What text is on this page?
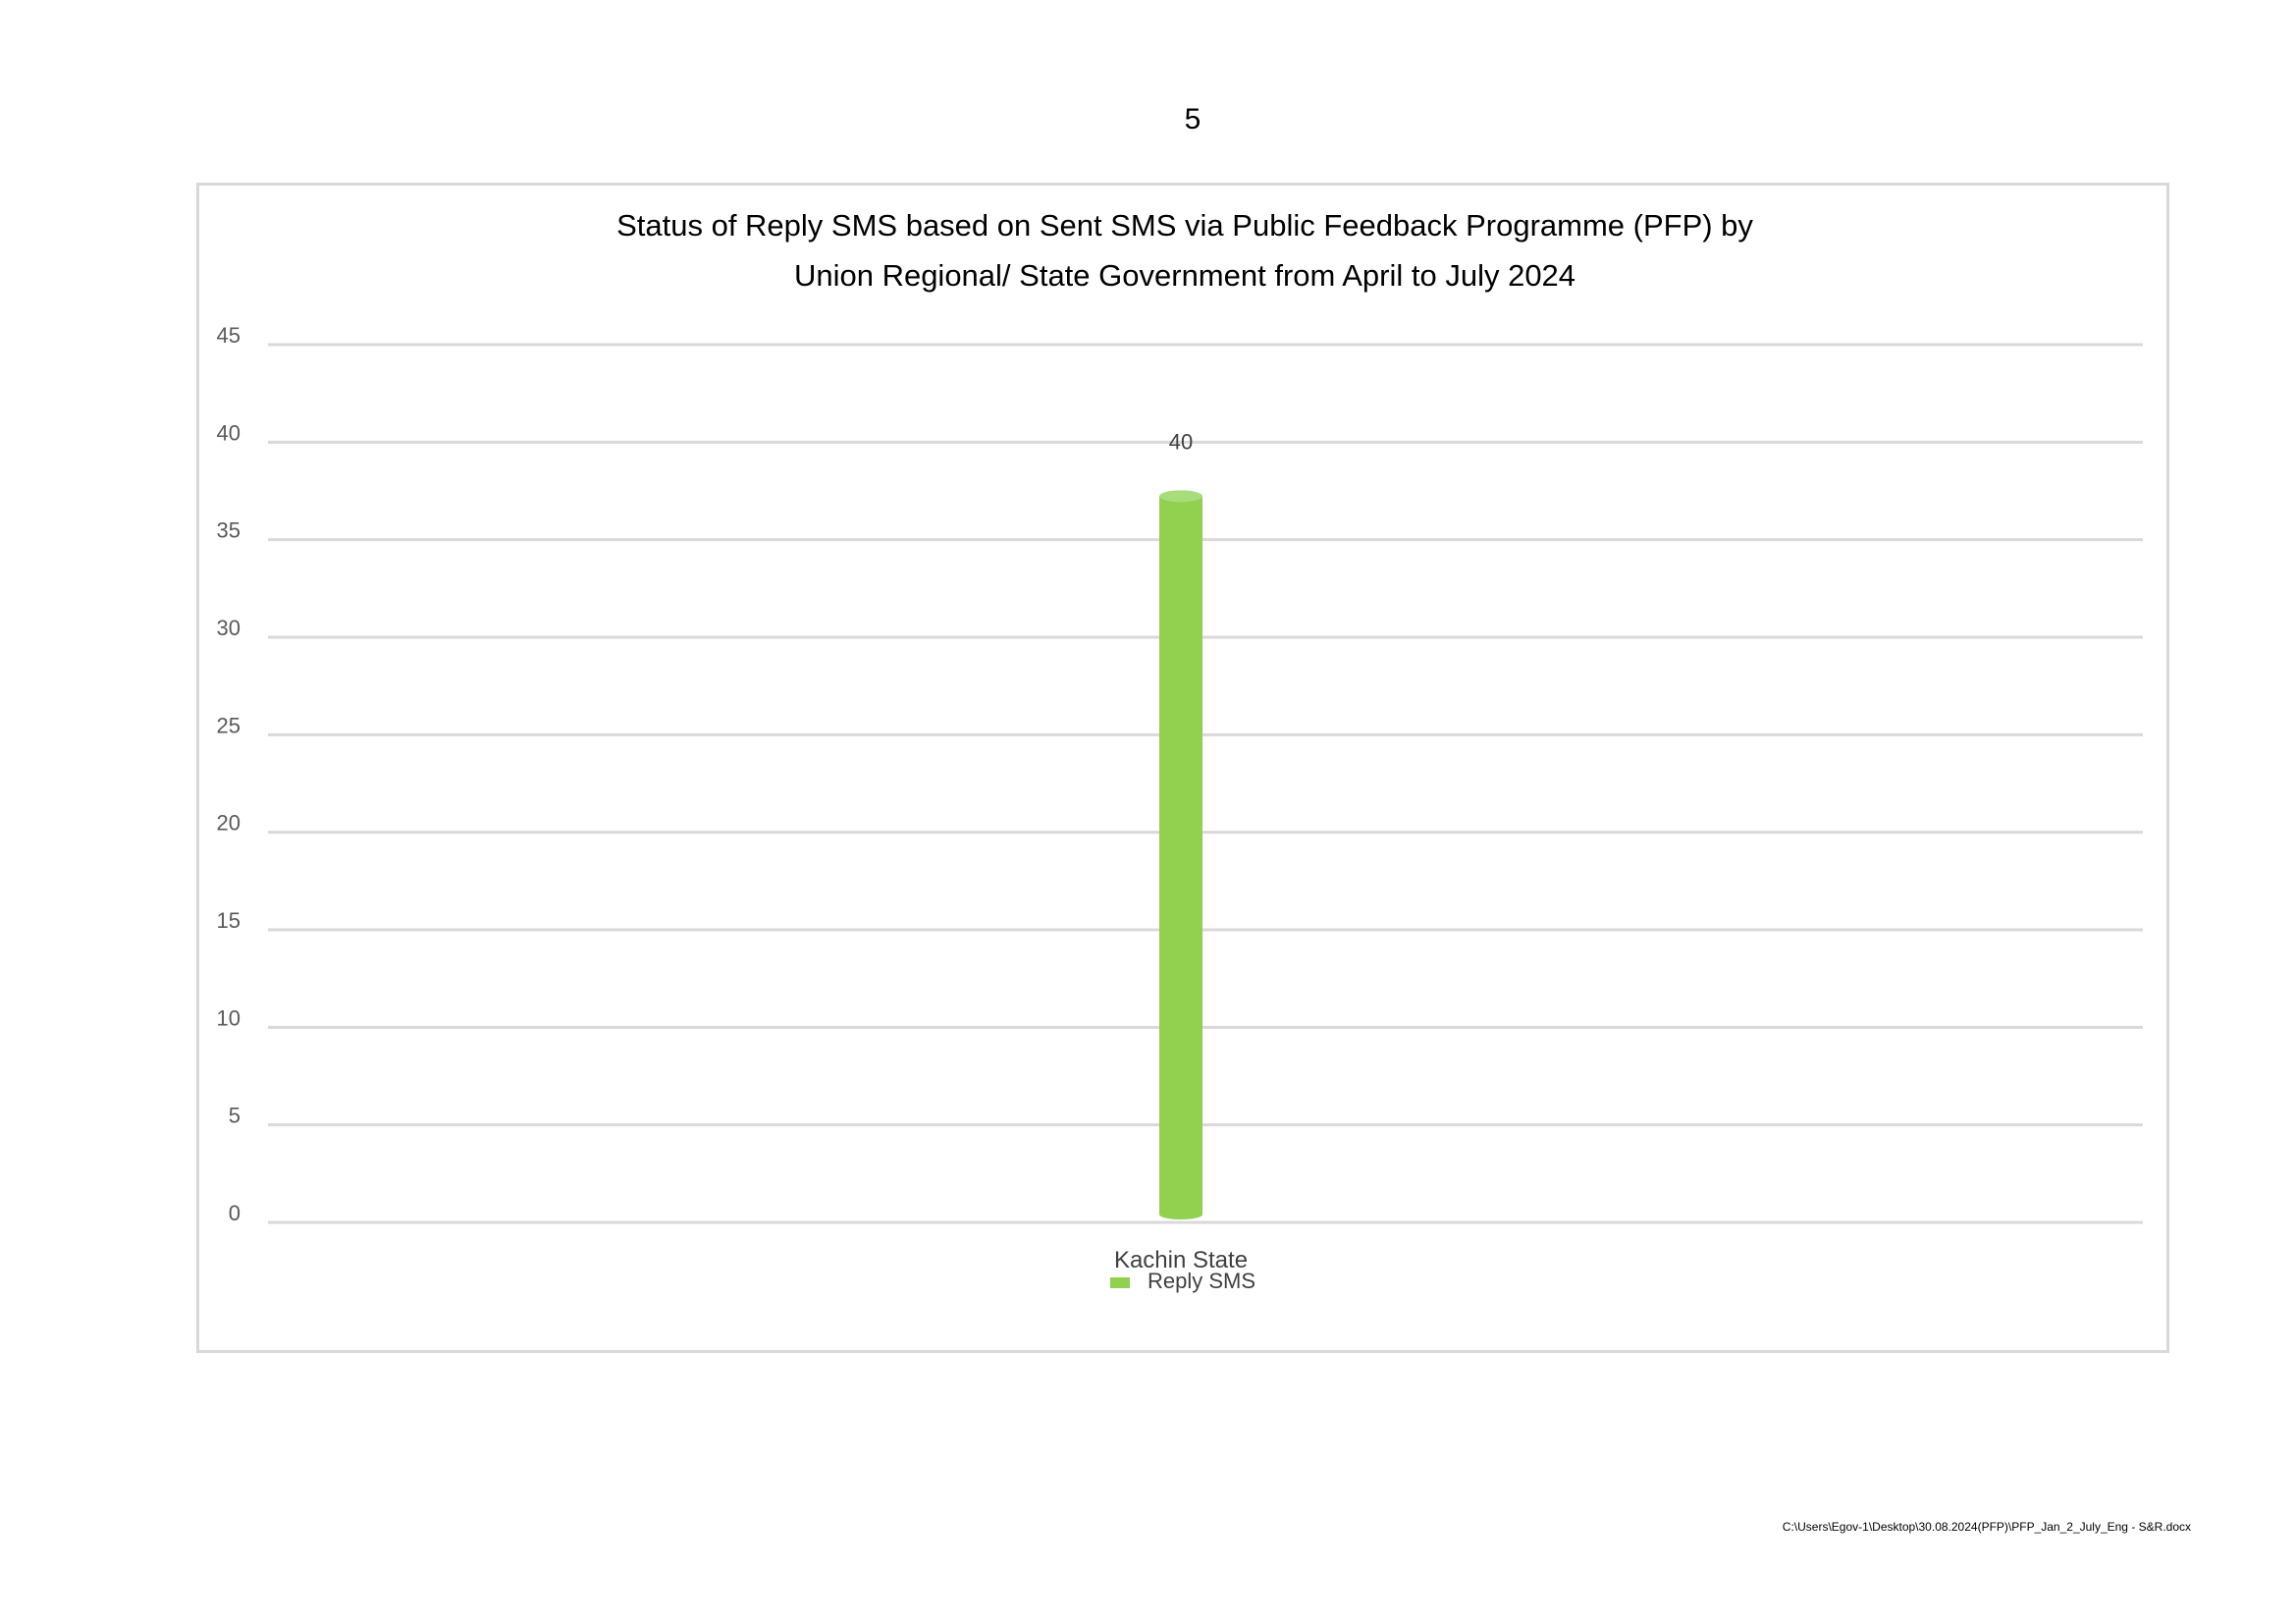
5
Status of Reply SMS based on Sent SMS via Public Feedback Programme (PFP) by
Union Regional/ State Government from April to July 2024
0
5
10
15
20
25
30
35
40
45
40
Kachin State
Reply SMS
C:\Users\Egov-1\Desktop\30.08.2024(PFP)\PFP_Jan_2_July_Eng - S&R.docx
